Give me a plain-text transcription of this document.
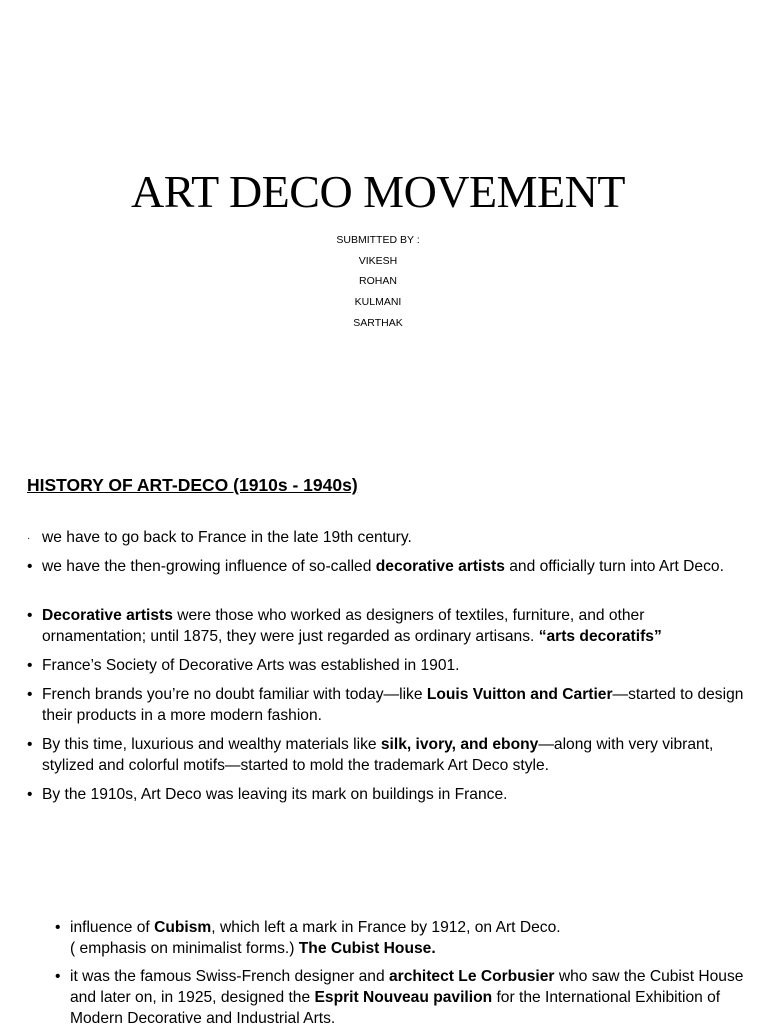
ART DECO MOVEMENT
SUBMITTED BY :
VIKESH
ROHAN
KULMANI
SARTHAK
HISTORY OF ART-DECO (1910s - 1940s)
· we have to go back to France in the late 19th century.
• we have the then-growing influence of so-called decorative artists and officially turn into Art Deco.
• Decorative artists were those who worked as designers of textiles, furniture, and other ornamentation; until 1875, they were just regarded as ordinary artisans. “arts decoratifs”
• France’s Society of Decorative Arts was established in 1901.
• French brands you’re no doubt familiar with today—like Louis Vuitton and Cartier—started to design their products in a more modern fashion.
• By this time, luxurious and wealthy materials like silk, ivory, and ebony—along with very vibrant, stylized and colorful motifs—started to mold the trademark Art Deco style.
• By the 1910s, Art Deco was leaving its mark on buildings in France.
• influence of Cubism, which left a mark in France by 1912, on Art Deco.
( emphasis on minimalist forms.) The Cubist House.
• it was the famous Swiss-French designer and architect Le Corbusier who saw the Cubist House and later on, in 1925, designed the Esprit Nouveau pavilion for the International Exhibition of Modern Decorative and Industrial Arts.
